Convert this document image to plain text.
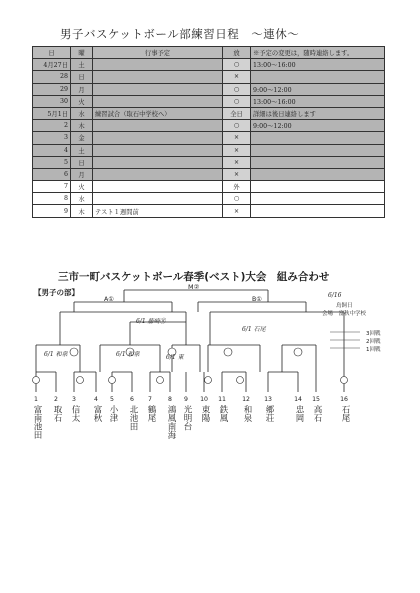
男子バスケットボール部練習日程　～連休～
日	曜	行事予定	放	※予定の変更は，随時連絡します。
4月27日	土		○	13:00～16:00
28	日		×	
29	月		○	9:00～12:00
30	火		○	13:00～16:00
5月1日	水	練習試合（取石中学校へ）	全日	詳細は後日連絡します
2	木		○	9:00～12:00
3	金		×	
4	土		×	
5	日		×	
6	月		×	
7	火		外	
8	水		○	
9	木	テスト１週間前	×	
三市一町バスケットボール春季(ベスト)大会　組み合わせ
【男子の部】
M②
A①	B①
6/1 藤崎⑧
6/1 石尾
6/1 和泉	6/1 和泉	6/1 東
6/16
鳥飼日
会場　富秋中学校
3回戦
2回戦
1回戦
1
富南池田
2
取石
3
信太
4
富秋
5
小津
6
北池田
7
鶴尾
8
鴻風南海
9
光明台
10
東陽
11
鉄風
12
和泉
13
郷荘
14
忠岡
15
高石
16
石尾
